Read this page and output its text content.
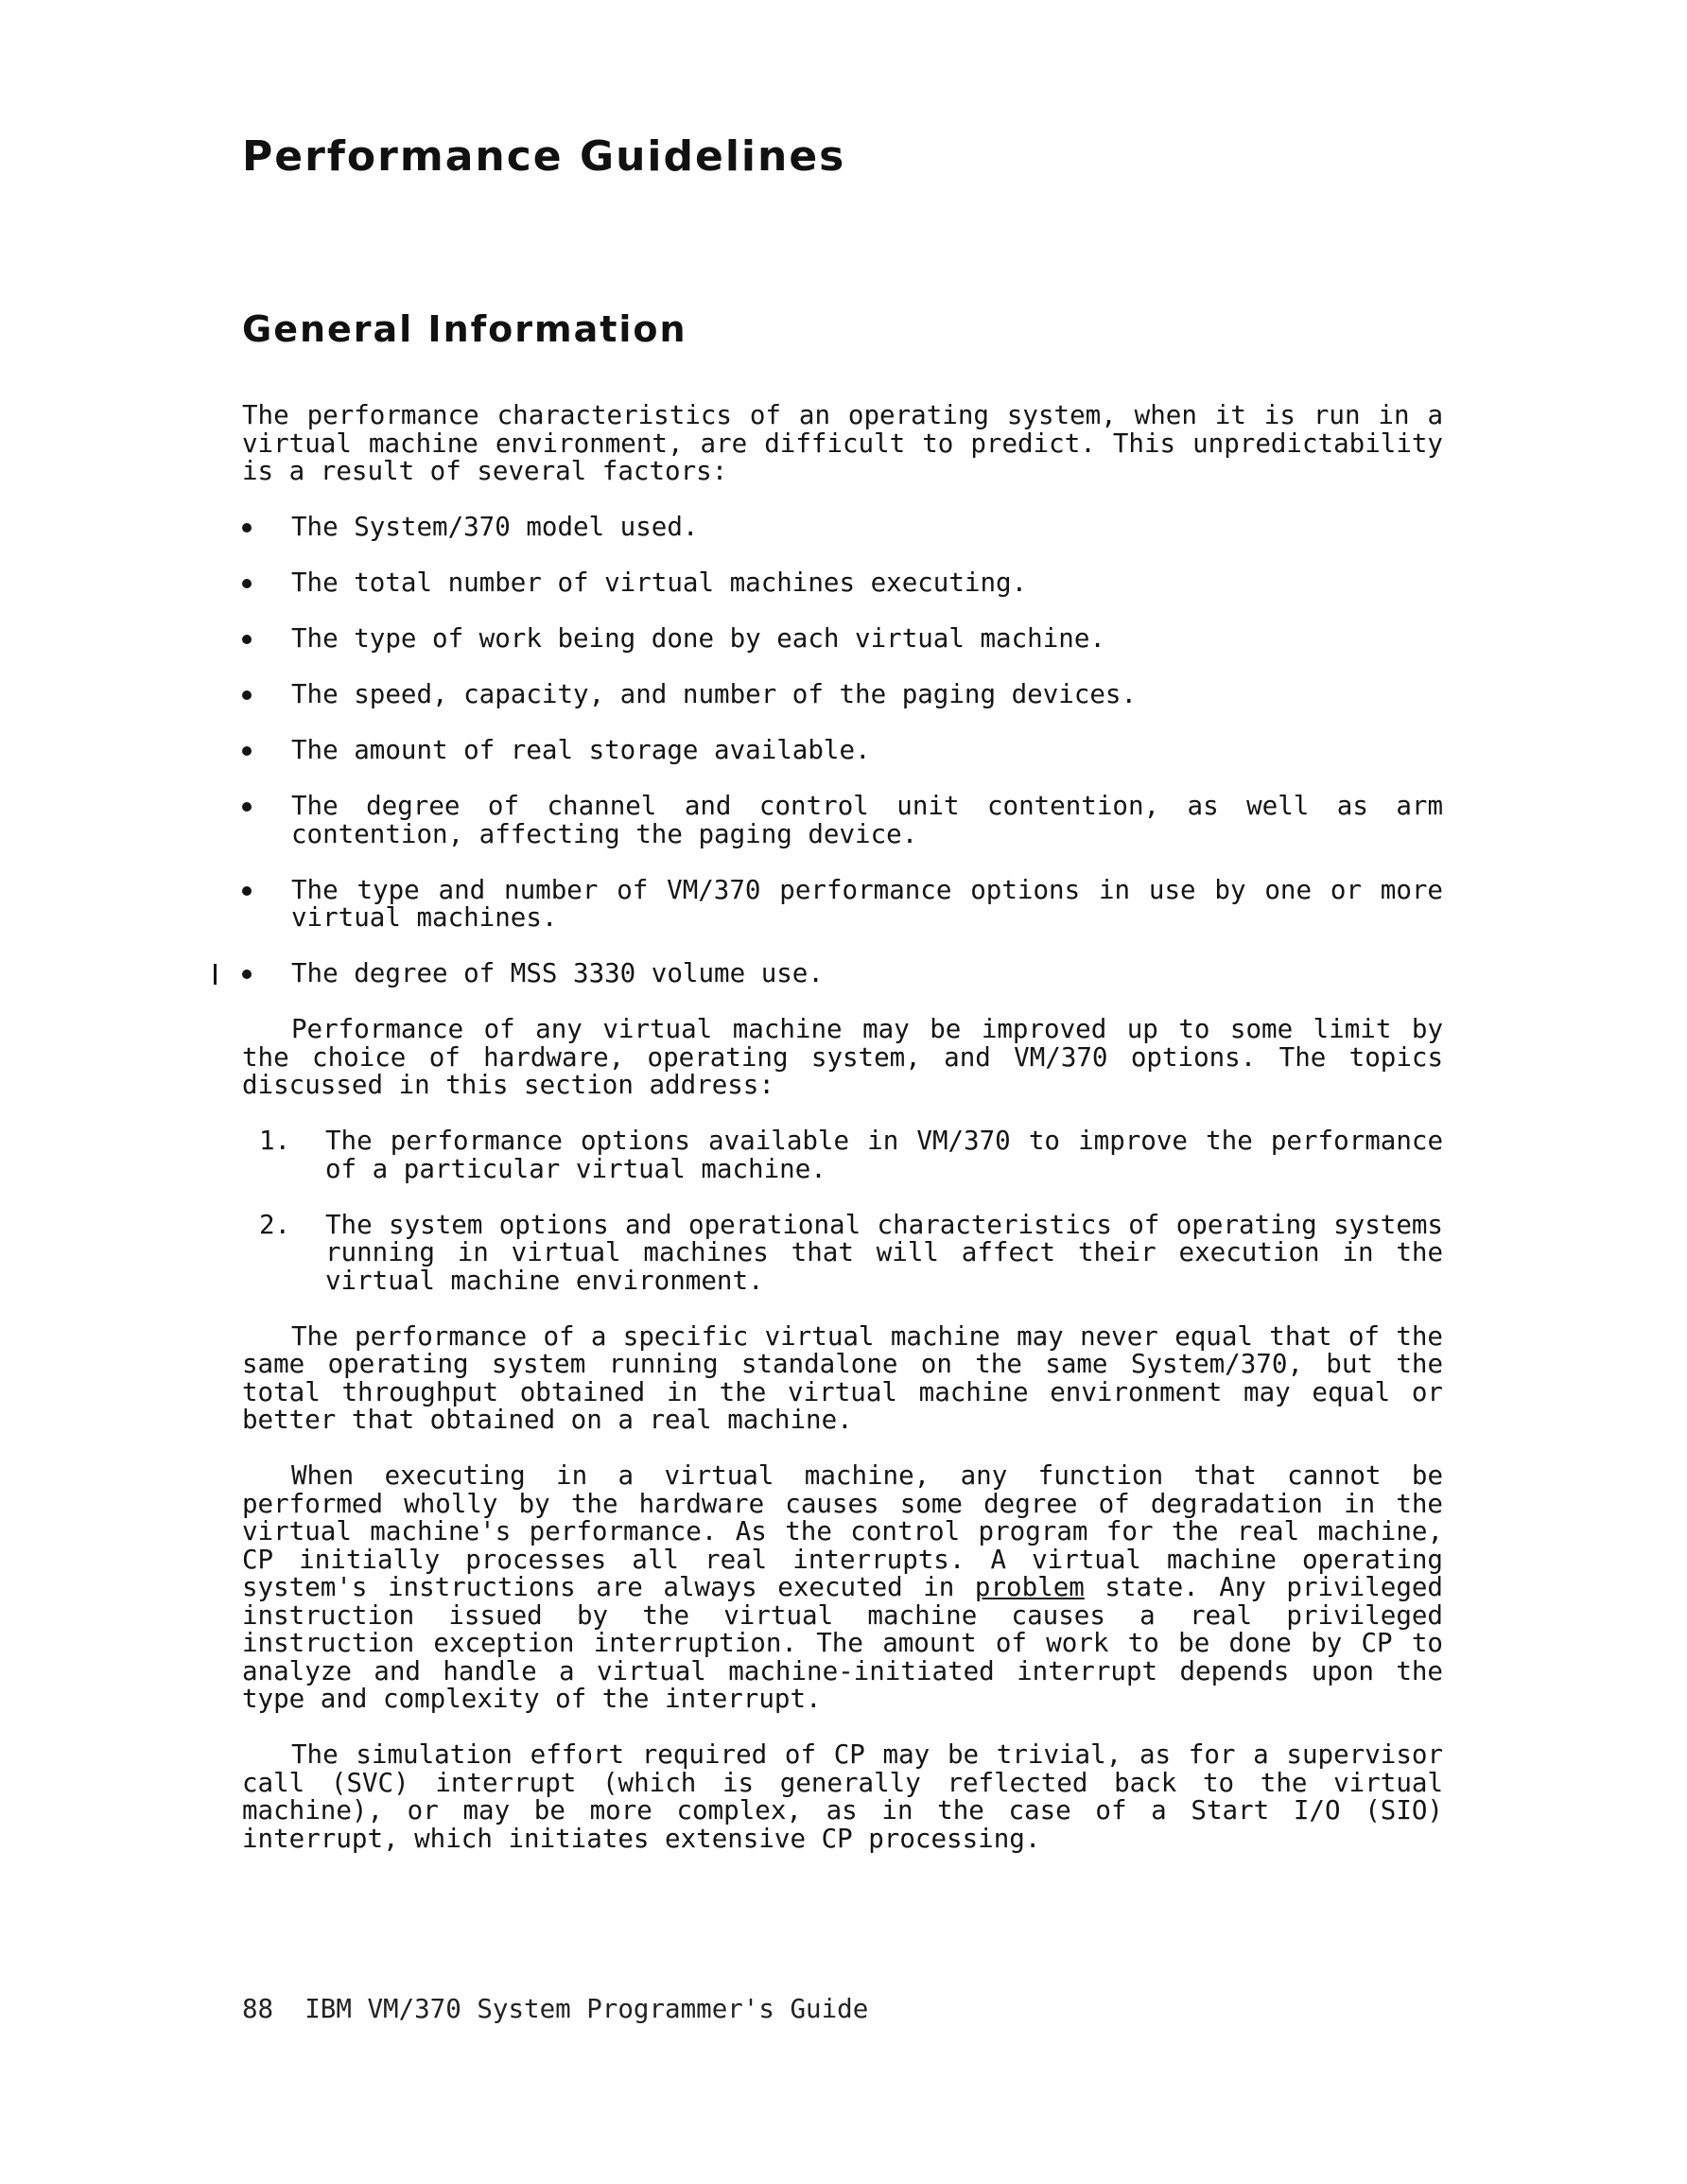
Performance Guidelines
General Information

The performance characteristics of an operating system, when it is run in a virtual machine environment, are difficult to predict. This unpredictability is a result of several factors:

The System/370 model used.
The total number of virtual machines executing.
The type of work being done by each virtual machine.
The speed, capacity, and number of the paging devices.
The amount of real storage available.
The degree of channel and control unit contention, as well as arm contention, affecting the paging device.
The type and number of VM/370 performance options in use by one or more virtual machines.
The degree of MSS 3330 volume use.

Performance of any virtual machine may be improved up to some limit by the choice of hardware, operating system, and VM/370 options. The topics discussed in this section address:

1. The performance options available in VM/370 to improve the performance of a particular virtual machine.
2. The system options and operational characteristics of operating systems running in virtual machines that will affect their execution in the virtual machine environment.

The performance of a specific virtual machine may never equal that of the same operating system running standalone on the same System/370, but the total throughput obtained in the virtual machine environment may equal or better that obtained on a real machine.

When executing in a virtual machine, any function that cannot be performed wholly by the hardware causes some degree of degradation in the virtual machine's performance. As the control program for the real machine, CP initially processes all real interrupts. A virtual machine operating system's instructions are always executed in problem state. Any privileged instruction issued by the virtual machine causes a real privileged instruction exception interruption. The amount of work to be done by CP to analyze and handle a virtual machine-initiated interrupt depends upon the type and complexity of the interrupt.

The simulation effort required of CP may be trivial, as for a supervisor call (SVC) interrupt (which is generally reflected back to the virtual machine), or may be more complex, as in the case of a Start I/O (SIO) interrupt, which initiates extensive CP processing.

88  IBM VM/370 System Programmer's Guide
